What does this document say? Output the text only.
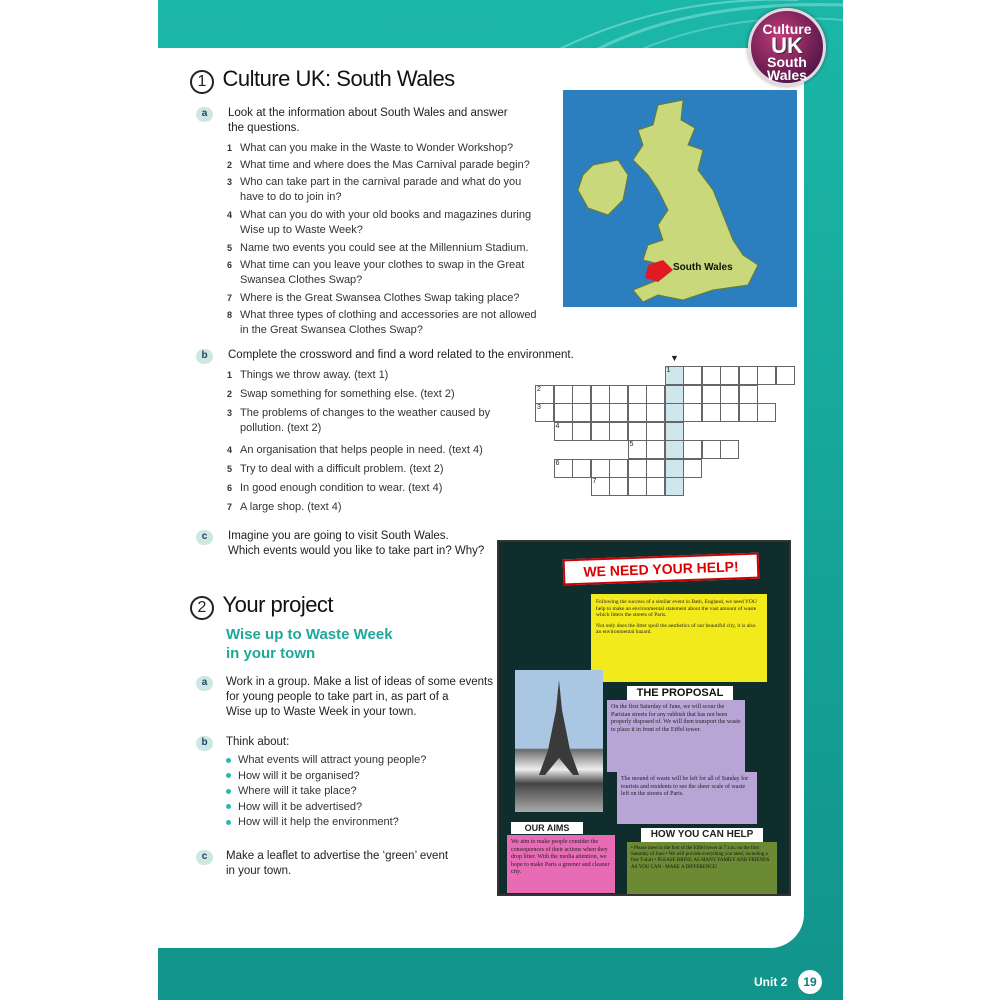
Culture
UK
South
Wales
1 Culture UK: South Wales
a	Look at the information about South Wales and answer
the questions.
1 What can you make in the Waste to Wonder Workshop?
2 What time and where does the Mas Carnival parade begin?
3 Who can take part in the carnival parade and what do you
have to do to join in?
4 What can you do with your old books and magazines during
Wise up to Waste Week?
5 Name two events you could see at the Millennium Stadium.
6 What time can you leave your clothes to swap in the Great
Swansea Clothes Swap?
7 Where is the Great Swansea Clothes Swap taking place?
8 What three types of clothing and accessories are not allowed
in the Great Swansea Clothes Swap?
South Wales
b	Complete the crossword and find a word related to the environment.
1 Things we throw away. (text 1)
2 Swap something for something else. (text 2)
3 The problems of changes to the weather caused by
pollution. (text 2)
4 An organisation that helps people in need. (text 4)
5 Try to deal with a difficult problem. (text 2)
6 In good enough condition to wear. (text 4)
7 A large shop. (text 4)
▼
1
2
3
4
5
6
7
c	Imagine you are going to visit South Wales.
Which events would you like to take part in? Why?
2 Your project
Wise up to Waste Week
in your town
a	Work in a group. Make a list of ideas of some events
for young people to take part in, as part of a
Wise up to Waste Week in your town.
b	Think about:
What events will attract young people?
How will it be organised?
Where will it take place?
How will it be advertised?
How will it help the environment?
c	Make a leaflet to advertise the ‘green’ event
in your town.
WE NEED YOUR HELP!
Following the success of a similar event in Bath, England, we need YOU help to make an environmental statement about the vast amount of waste which litters the streets of Paris.
Not only does the litter spoil the aesthetics of our beautiful city, it is also an environmental hazard.
THE PROPOSAL
On the first Saturday of June, we will scour the Parisian streets for any rubbish that has not been properly disposed of. We will then transport the waste to place it in front of the Eiffel tower.
The mound of waste will be left for all of Sunday for tourists and residents to see the sheer scale of waste left on the streets of Paris.
OUR AIMS
We aim to make people consider the consequences of their actions when they drop litter. With the media attention, we hope to make Paris a greener and cleaner city.
HOW YOU CAN HELP
• Please meet in the foot of the Eiffel tower at 7 a.m. on the first Saturday of June • We will provide everything you need, including a free T-shirt • PLEASE BRING AS MANY FAMILY AND FRIENDS AS YOU CAN - MAKE A DIFFERENCE!
Unit 2	19
